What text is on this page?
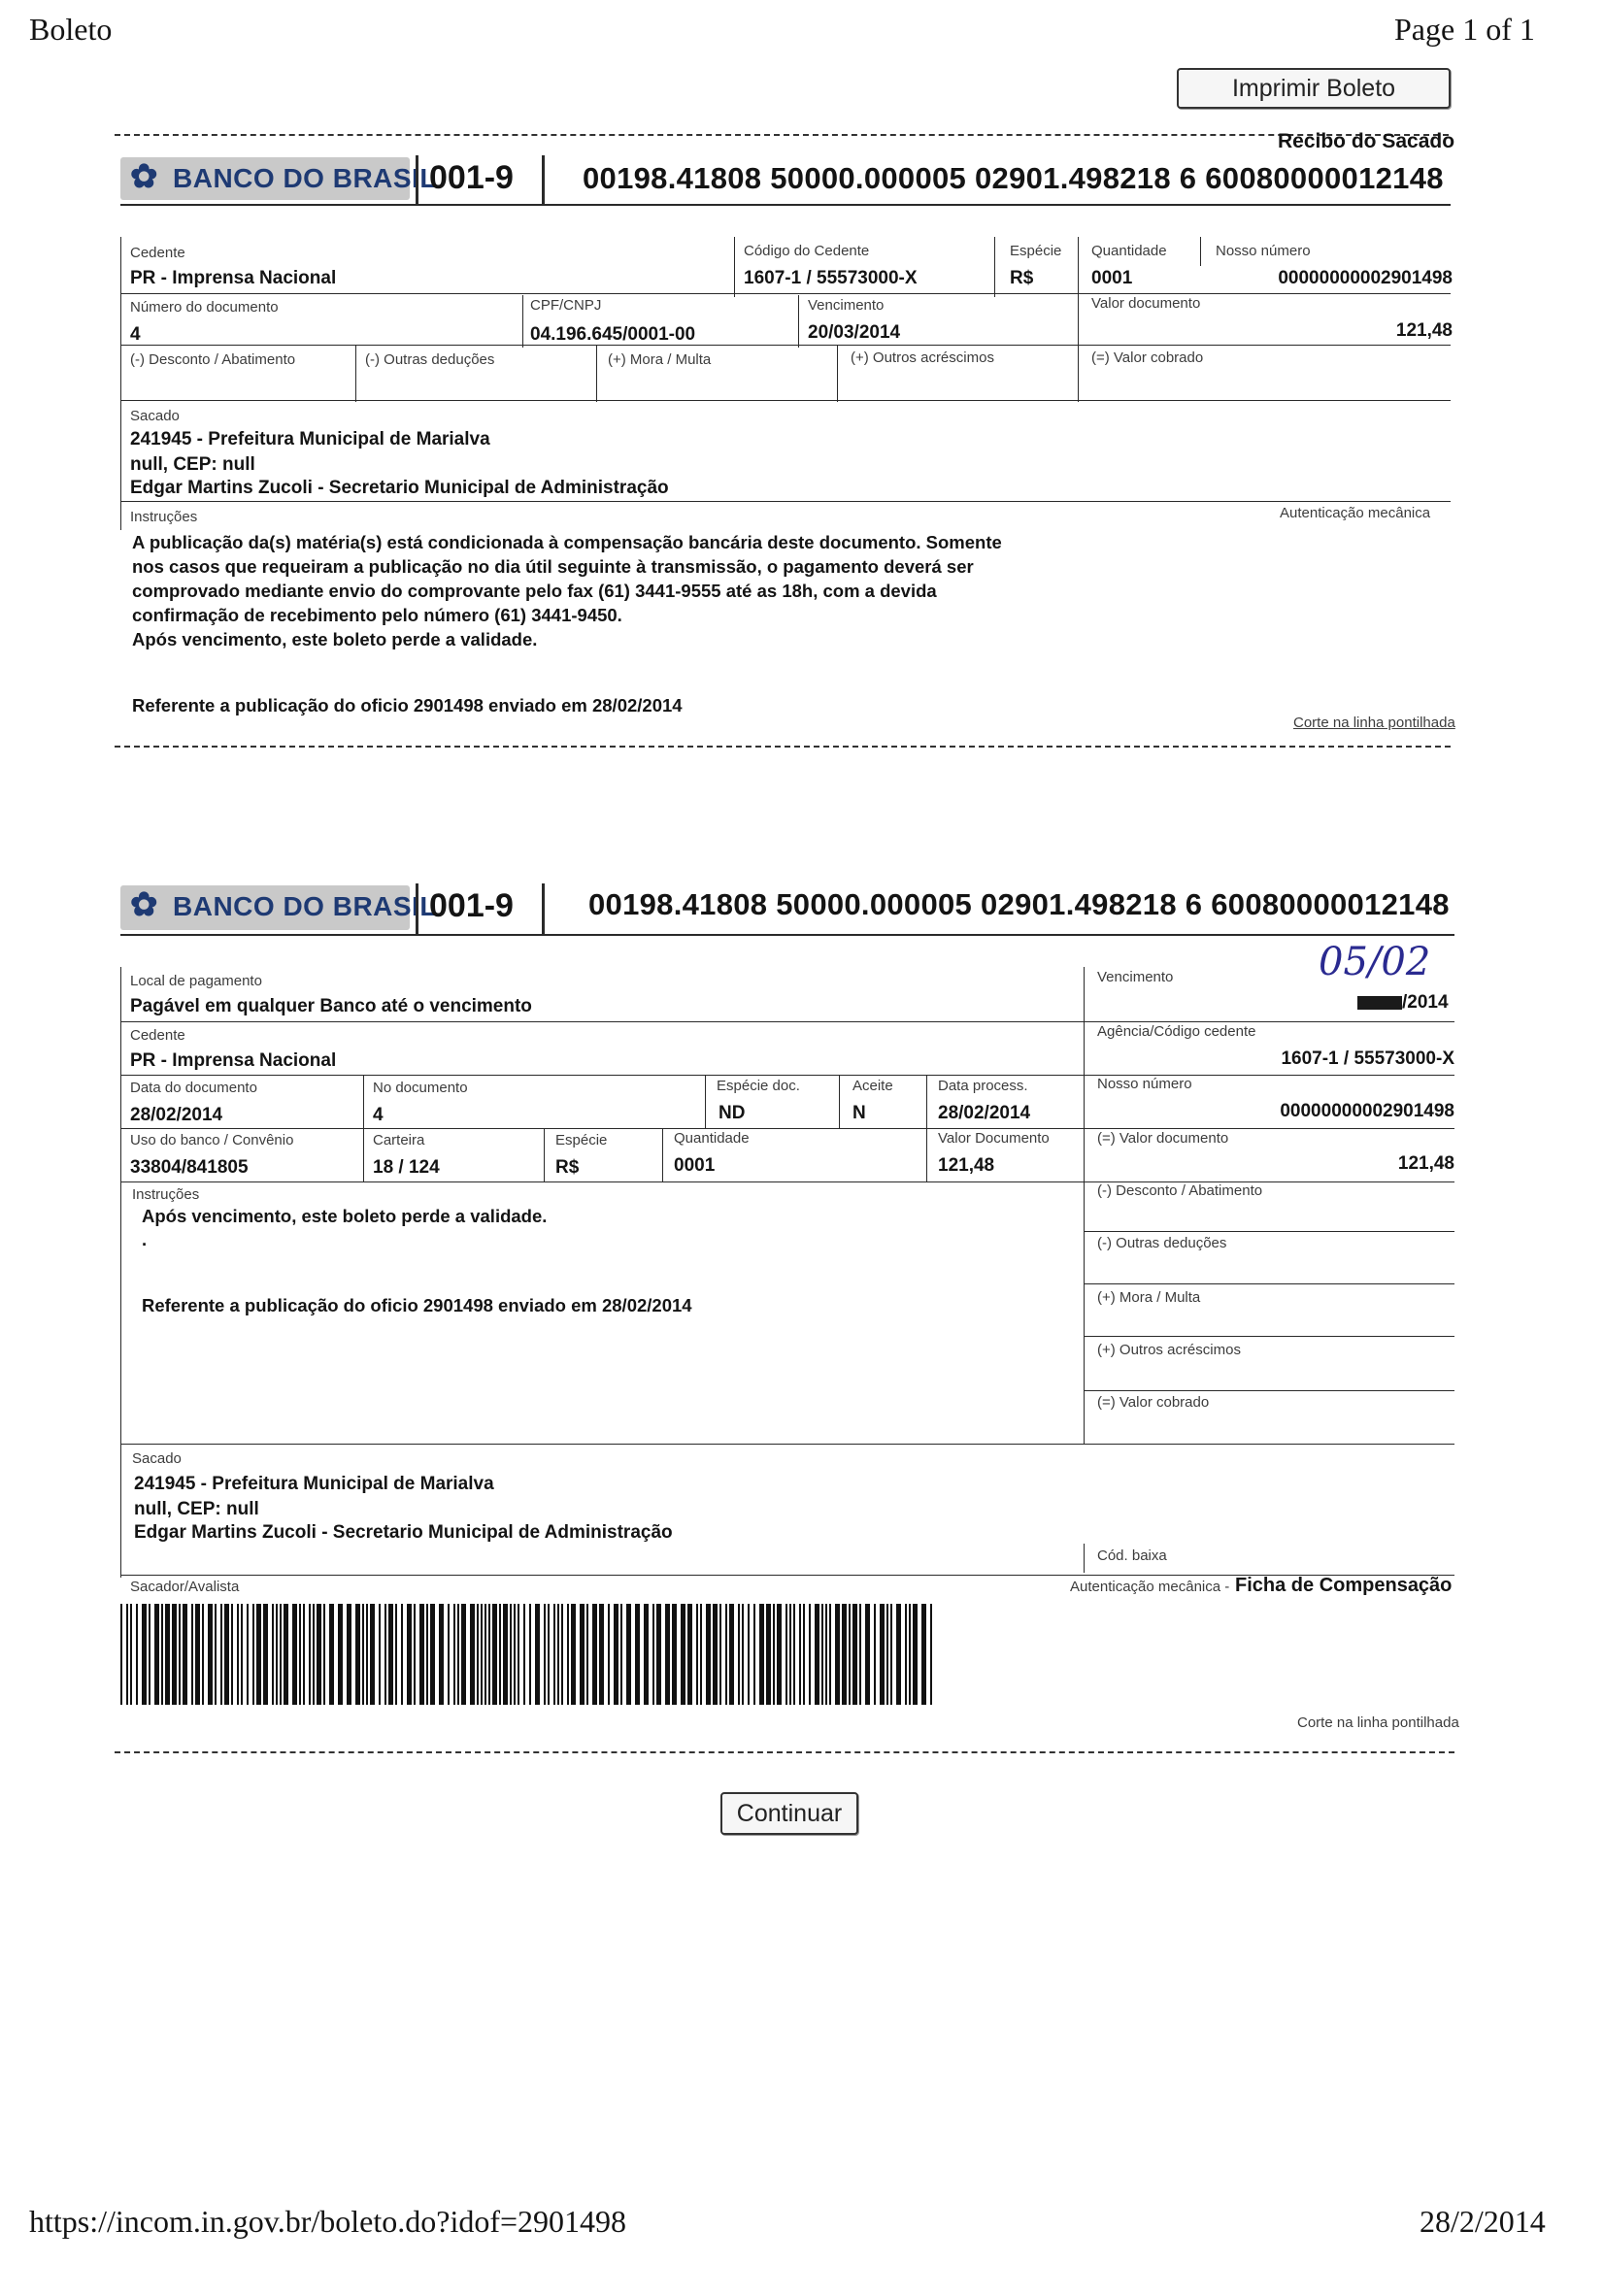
Boleto	Page 1 of 1
Imprimir Boleto
Recibo do Sacado
✿ BANCO DO BRASIL
001-9 00198.41808 50000.000005 02901.498218 6 60080000012148
Cedente
PR - Imprensa Nacional
Código do Cedente
1607-1 / 55573000-X
Espécie
R$
Quantidade
0001
Nosso número
00000000002901498
Número do documento
4
CPF/CNPJ
04.196.645/0001-00
Vencimento
20/03/2014
Valor documento
121,48
(-) Desconto / Abatimento	(-) Outras deduções	(+) Mora / Multa	(+) Outros acréscimos	(=) Valor cobrado
Sacado
241945 - Prefeitura Municipal de Marialva
null, CEP: null
Edgar Martins Zucoli - Secretario Municipal de Administração
Instruções	Autenticação mecânica
A publicação da(s) matéria(s) está condicionada à compensação bancária deste documento. Somente
nos casos que requeiram a publicação no dia útil seguinte à transmissão, o pagamento deverá ser
comprovado mediante envio do comprovante pelo fax (61) 3441-9555 até as 18h, com a devida
confirmação de recebimento pelo número (61) 3441-9450.
Após vencimento, este boleto perde a validade.
Referente a publicação do oficio 2901498 enviado em 28/02/2014
Corte na linha pontilhada
✿ BANCO DO BRASIL
001-9 00198.41808 50000.000005 02901.498218 6 60080000012148
Local de pagamento
Pagável em qualquer Banco até o vencimento
Vencimento	05/02
/2014
Cedente
PR - Imprensa Nacional
Agência/Código cedente
1607-1 / 55573000-X
Data do documento
28/02/2014
No documento
4
Espécie doc.
ND
Aceite
N
Data process.
28/02/2014
Nosso número
00000000002901498
Uso do banco / Convênio
33804/841805
Carteira
18 / 124
Espécie
R$
Quantidade
0001
Valor Documento
121,48
(=) Valor documento
121,48
Instruções
Após vencimento, este boleto perde a validade.
.
Referente a publicação do oficio 2901498 enviado em 28/02/2014
(-) Desconto / Abatimento
(-) Outras deduções
(+) Mora / Multa
(+) Outros acréscimos
(=) Valor cobrado
Sacado
241945 - Prefeitura Municipal de Marialva
null, CEP: null
Edgar Martins Zucoli - Secretario Municipal de Administração
Cód. baixa
Sacador/Avalista	Autenticação mecânica - Ficha de Compensação
Corte na linha pontilhada
Continuar
https://incom.in.gov.br/boleto.do?idof=2901498	28/2/2014
